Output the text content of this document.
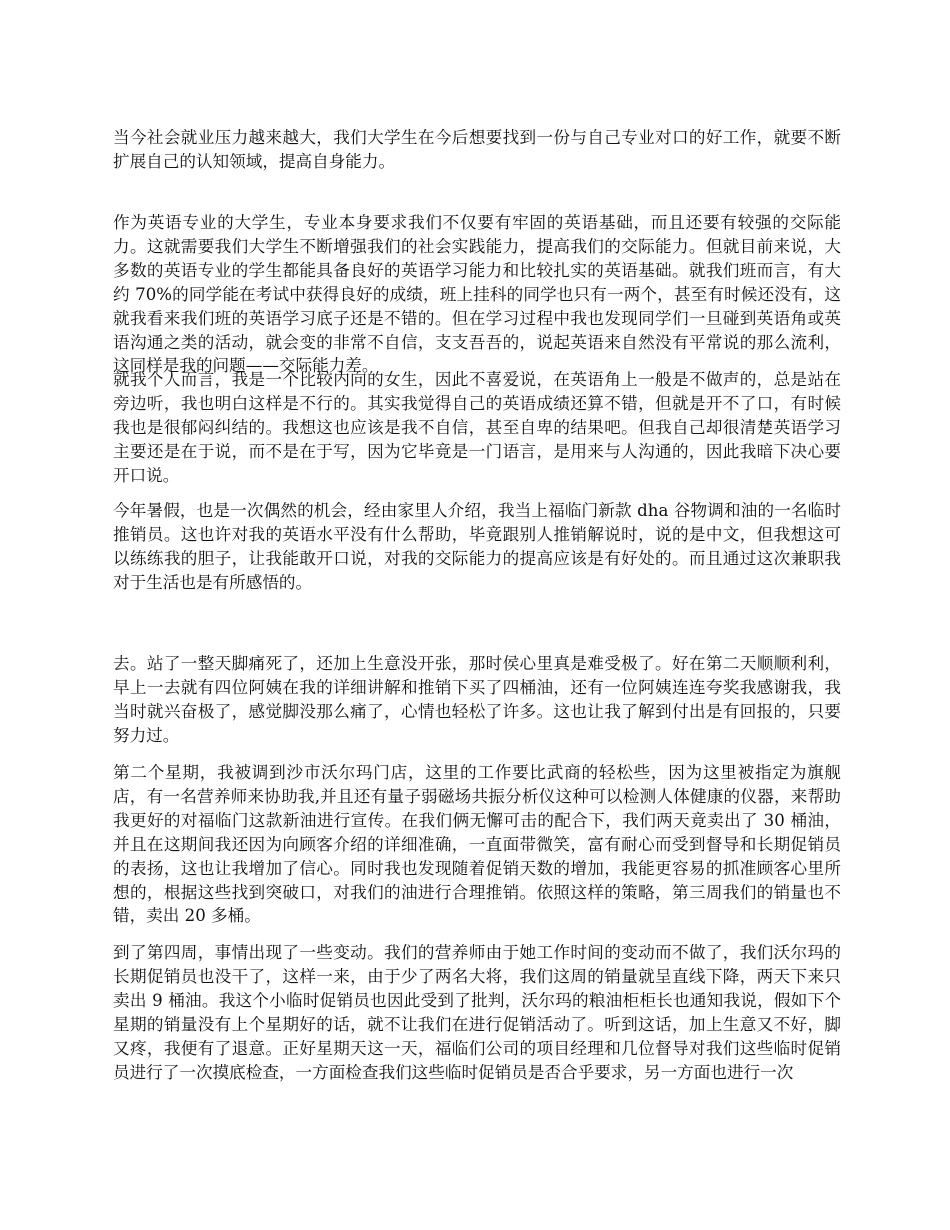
当今社会就业压力越来越大，我们大学生在今后想要找到一份与自己专业对口的好工作，就要不断扩展自己的认知领域，提高自身能力。

作为英语专业的大学生，专业本身要求我们不仅要有牢固的英语基础，而且还要有较强的交际能力。这就需要我们大学生不断增强我们的社会实践能力，提高我们的交际能力。但就目前来说，大多数的英语专业的学生都能具备良好的英语学习能力和比较扎实的英语基础。就我们班而言，有大约 70%的同学能在考试中获得良好的成绩，班上挂科的同学也只有一两个，甚至有时候还没有，这就我看来我们班的英语学习底子还是不错的。但在学习过程中我也发现同学们一旦碰到英语角或英语沟通之类的活动，就会变的非常不自信，支支吾吾的，说起英语来自然没有平常说的那么流利，这同样是我的问题——交际能力差。

就我个人而言，我是一个比较内向的女生，因此不喜爱说，在英语角上一般是不做声的，总是站在旁边听，我也明白这样是不行的。其实我觉得自己的英语成绩还算不错，但就是开不了口，有时候我也是很郁闷纠结的。我想这也应该是我不自信，甚至自卑的结果吧。但我自己却很清楚英语学习主要还是在于说，而不是在于写，因为它毕竟是一门语言，是用来与人沟通的，因此我暗下决心要开口说。

今年暑假，也是一次偶然的机会，经由家里人介绍，我当上福临门新款 dha 谷物调和油的一名临时推销员。这也许对我的英语水平没有什么帮助，毕竟跟别人推销解说时，说的是中文，但我想这可以练练我的胆子，让我能敢开口说，对我的交际能力的提高应该是有好处的。而且通过这次兼职我对于生活也是有所感悟的。

去。站了一整天脚痛死了，还加上生意没开张，那时侯心里真是难受极了。好在第二天顺顺利利，早上一去就有四位阿姨在我的详细讲解和推销下买了四桶油，还有一位阿姨连连夸奖我感谢我，我当时就兴奋极了，感觉脚没那么痛了，心情也轻松了许多。这也让我了解到付出是有回报的，只要努力过。

第二个星期，我被调到沙市沃尔玛门店，这里的工作要比武商的轻松些，因为这里被指定为旗舰店，有一名营养师来协助我,并且还有量子弱磁场共振分析仪这种可以检测人体健康的仪器，来帮助我更好的对福临门这款新油进行宣传。在我们俩无懈可击的配合下，我们两天竟卖出了 30 桶油，并且在这期间我还因为向顾客介绍的详细准确，一直面带微笑，富有耐心而受到督导和长期促销员的表扬，这也让我增加了信心。同时我也发现随着促销天数的增加，我能更容易的抓准顾客心里所想的，根据这些找到突破口，对我们的油进行合理推销。依照这样的策略，第三周我们的销量也不错，卖出 20 多桶。

到了第四周，事情出现了一些变动。我们的营养师由于她工作时间的变动而不做了，我们沃尔玛的长期促销员也没干了，这样一来，由于少了两名大将，我们这周的销量就呈直线下降，两天下来只卖出 9 桶油。我这个小临时促销员也因此受到了批判，沃尔玛的粮油柜柜长也通知我说，假如下个星期的销量没有上个星期好的话，就不让我们在进行促销活动了。听到这话，加上生意又不好，脚又疼，我便有了退意。正好星期天这一天，福临们公司的项目经理和几位督导对我们这些临时促销员进行了一次摸底检查，一方面检查我们这些临时促销员是否合乎要求，另一方面也进行一次
